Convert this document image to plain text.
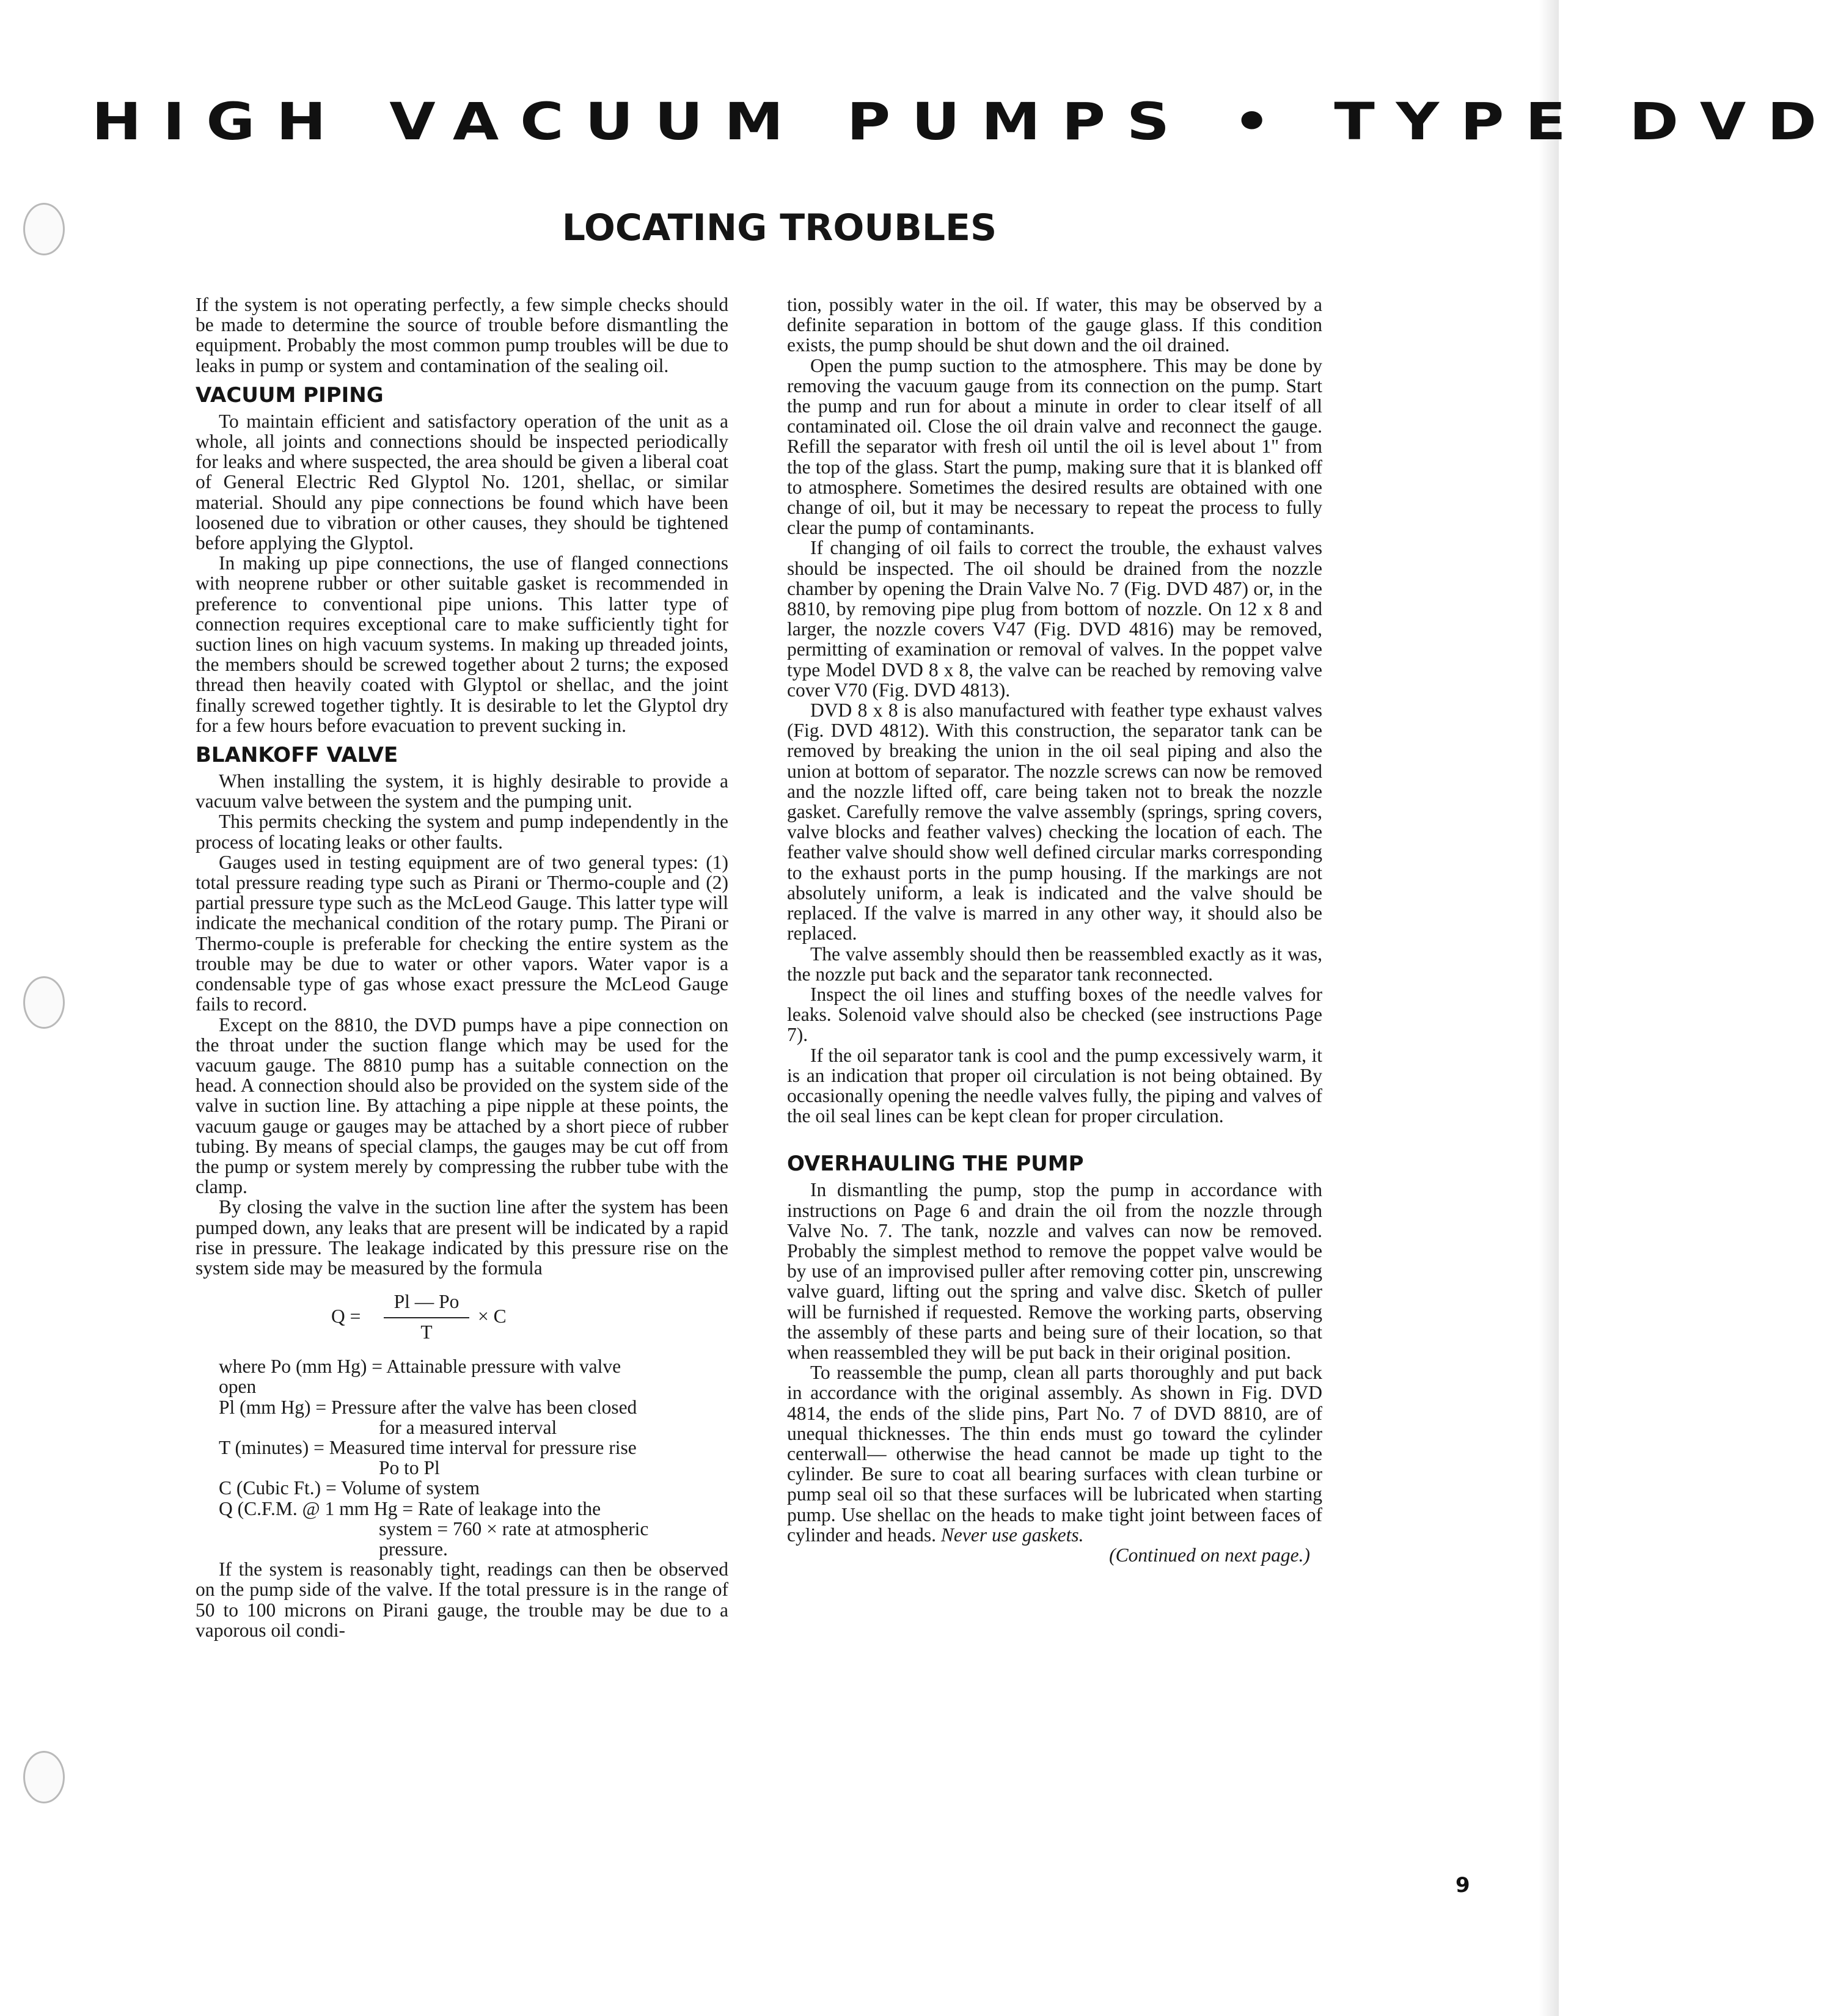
HIGH VACUUM PUMPS • TYPE DVD
LOCATING TROUBLES

If the system is not operating perfectly, a few simple checks should be made to determine the source of trouble before dismantling the equipment. Probably the most common pump troubles will be due to leaks in pump or system and contamination of the sealing oil.

VACUUM PIPING

To maintain efficient and satisfactory operation of the unit as a whole, all joints and connections should be inspected periodically for leaks and where suspected, the area should be given a liberal coat of General Electric Red Glyptol No. 1201, shellac, or similar material. Should any pipe connections be found which have been loosened due to vibration or other causes, they should be tightened before applying the Glyptol.

In making up pipe connections, the use of flanged connections with neoprene rubber or other suitable gasket is recommended in preference to conventional pipe unions. This latter type of connection requires exceptional care to make sufficiently tight for suction lines on high vacuum systems. In making up threaded joints, the members should be screwed together about 2 turns; the exposed thread then heavily coated with Glyptol or shellac, and the joint finally screwed together tightly. It is desirable to let the Glyptol dry for a few hours before evacuation to prevent sucking in.

BLANKOFF VALVE

When installing the system, it is highly desirable to provide a vacuum valve between the system and the pumping unit.

This permits checking the system and pump independently in the process of locating leaks or other faults.

Gauges used in testing equipment are of two general types: (1) total pressure reading type such as Pirani or Thermo-couple and (2) partial pressure type such as the McLeod Gauge. This latter type will indicate the mechanical condition of the rotary pump. The Pirani or Thermo-couple is preferable for checking the entire system as the trouble may be due to water or other vapors. Water vapor is a condensable type of gas whose exact pressure the McLeod Gauge fails to record.

Except on the 8810, the DVD pumps have a pipe connection on the throat under the suction flange which may be used for the vacuum gauge. The 8810 pump has a suitable connection on the head. A connection should also be provided on the system side of the valve in suction line. By attaching a pipe nipple at these points, the vacuum gauge or gauges may be attached by a short piece of rubber tubing. By means of special clamps, the gauges may be cut off from the pump or system merely by compressing the rubber tube with the clamp.

By closing the valve in the suction line after the system has been pumped down, any leaks that are present will be indicated by a rapid rise in pressure. The leakage indicated by this pressure rise on the system side may be measured by the formula

Q =
Pl — Po
T
× C

where Po (mm Hg) = Attainable pressure with valve
open

Pl (mm Hg) = Pressure after the valve has been closed
for a measured interval

T (minutes) = Measured time interval for pressure rise
Po to Pl

C (Cubic Ft.) = Volume of system

Q (C.F.M. @ 1 mm Hg = Rate of leakage into the
system = 760 × rate at atmospheric
pressure.

If the system is reasonably tight, readings can then be observed on the pump side of the valve. If the total pressure is in the range of 50 to 100 microns on Pirani gauge, the trouble may be due to a vaporous oil condi-

tion, possibly water in the oil. If water, this may be observed by a definite separation in bottom of the gauge glass. If this condition exists, the pump should be shut down and the oil drained.

Open the pump suction to the atmosphere. This may be done by removing the vacuum gauge from its connection on the pump. Start the pump and run for about a minute in order to clear itself of all contaminated oil. Close the oil drain valve and reconnect the gauge. Refill the separator with fresh oil until the oil is level about 1" from the top of the glass. Start the pump, making sure that it is blanked off to atmosphere. Sometimes the desired results are obtained with one change of oil, but it may be necessary to repeat the process to fully clear the pump of contaminants.

If changing of oil fails to correct the trouble, the exhaust valves should be inspected. The oil should be drained from the nozzle chamber by opening the Drain Valve No. 7 (Fig. DVD 487) or, in the 8810, by removing pipe plug from bottom of nozzle. On 12 x 8 and larger, the nozzle covers V47 (Fig. DVD 4816) may be removed, permitting of examination or removal of valves. In the poppet valve type Model DVD 8 x 8, the valve can be reached by removing valve cover V70 (Fig. DVD 4813).

DVD 8 x 8 is also manufactured with feather type exhaust valves (Fig. DVD 4812). With this construction, the separator tank can be removed by breaking the union in the oil seal piping and also the union at bottom of separator. The nozzle screws can now be removed and the nozzle lifted off, care being taken not to break the nozzle gasket. Carefully remove the valve assembly (springs, spring covers, valve blocks and feather valves) checking the location of each. The feather valve should show well defined circular marks corresponding to the exhaust ports in the pump housing. If the markings are not absolutely uniform, a leak is indicated and the valve should be replaced. If the valve is marred in any other way, it should also be replaced.

The valve assembly should then be reassembled exactly as it was, the nozzle put back and the separator tank reconnected.

Inspect the oil lines and stuffing boxes of the needle valves for leaks. Solenoid valve should also be checked (see instructions Page 7).

If the oil separator tank is cool and the pump excessively warm, it is an indication that proper oil circulation is not being obtained. By occasionally opening the needle valves fully, the piping and valves of the oil seal lines can be kept clean for proper circulation.

OVERHAULING THE PUMP

In dismantling the pump, stop the pump in accordance with instructions on Page 6 and drain the oil from the nozzle through Valve No. 7. The tank, nozzle and valves can now be removed. Probably the simplest method to remove the poppet valve would be by use of an improvised puller after removing cotter pin, unscrewing valve guard, lifting out the spring and valve disc. Sketch of puller will be furnished if requested. Remove the working parts, observing the assembly of these parts and being sure of their location, so that when reassembled they will be put back in their original position.

To reassemble the pump, clean all parts thoroughly and put back in accordance with the original assembly. As shown in Fig. DVD 4814, the ends of the slide pins, Part No. 7 of DVD 8810, are of unequal thicknesses. The thin ends must go toward the cylinder centerwall— otherwise the head cannot be made up tight to the cylinder. Be sure to coat all bearing surfaces with clean turbine or pump seal oil so that these surfaces will be lubricated when starting pump. Use shellac on the heads to make tight joint between faces of cylinder and heads. Never use gaskets.

(Continued on next page.)

9
